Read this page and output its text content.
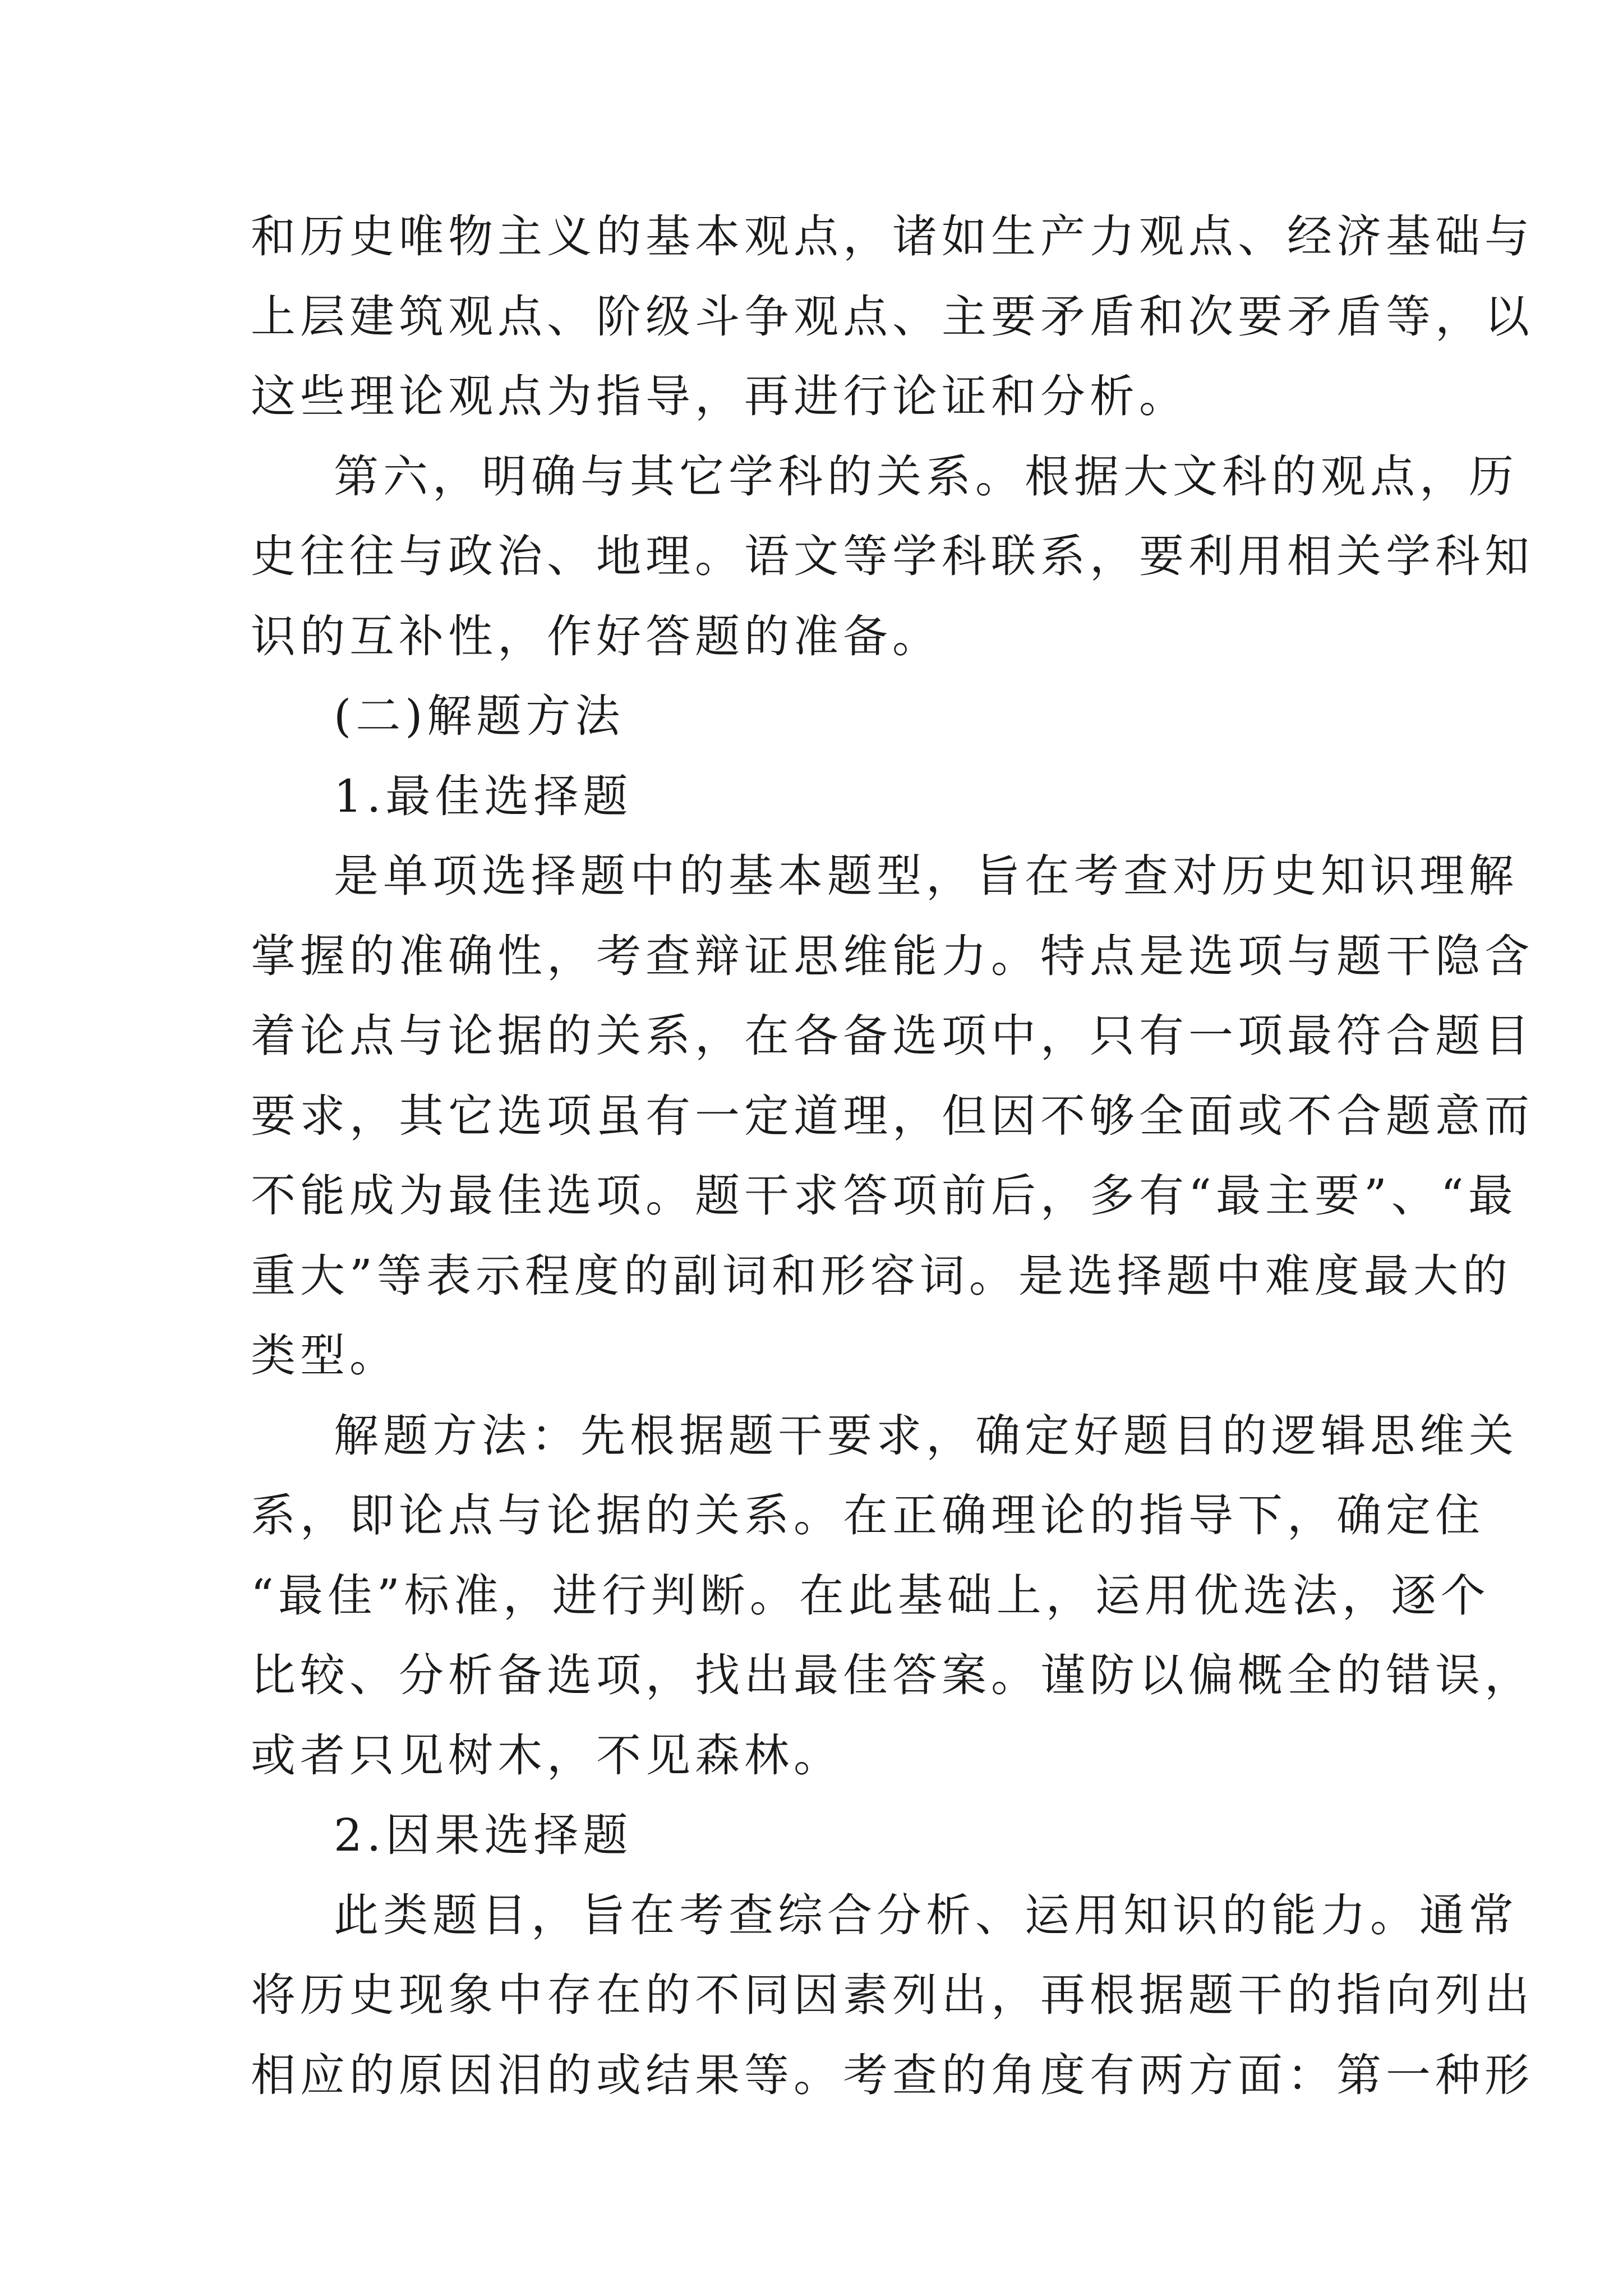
和历史唯物主义的基本观点，诸如生产力观点、经济基础与
上层建筑观点、阶级斗争观点、主要矛盾和次要矛盾等，以
这些理论观点为指导，再进行论证和分析。
第六，明确与其它学科的关系。根据大文科的观点，历
史往往与政治、地理。语文等学科联系，要利用相关学科知
识的互补性，作好答题的准备。
(二)解题方法
1.最佳选择题
是单项选择题中的基本题型，旨在考查对历史知识理解
掌握的准确性，考查辩证思维能力。特点是选项与题干隐含
着论点与论据的关系，在各备选项中，只有一项最符合题目
要求，其它选项虽有一定道理，但因不够全面或不合题意而
不能成为最佳选项。题干求答项前后，多有“最主要”、“最
重大”等表示程度的副词和形容词。是选择题中难度最大的
类型。
解题方法：先根据题干要求，确定好题目的逻辑思维关
系，即论点与论据的关系。在正确理论的指导下，确定住
“最佳”标准，进行判断。在此基础上，运用优选法，逐个
比较、分析备选项，找出最佳答案。谨防以偏概全的错误，
或者只见树木，不见森林。
2.因果选择题
此类题目，旨在考查综合分析、运用知识的能力。通常
将历史现象中存在的不同因素列出，再根据题干的指向列出
相应的原因泪的或结果等。考查的角度有两方面：第一种形
